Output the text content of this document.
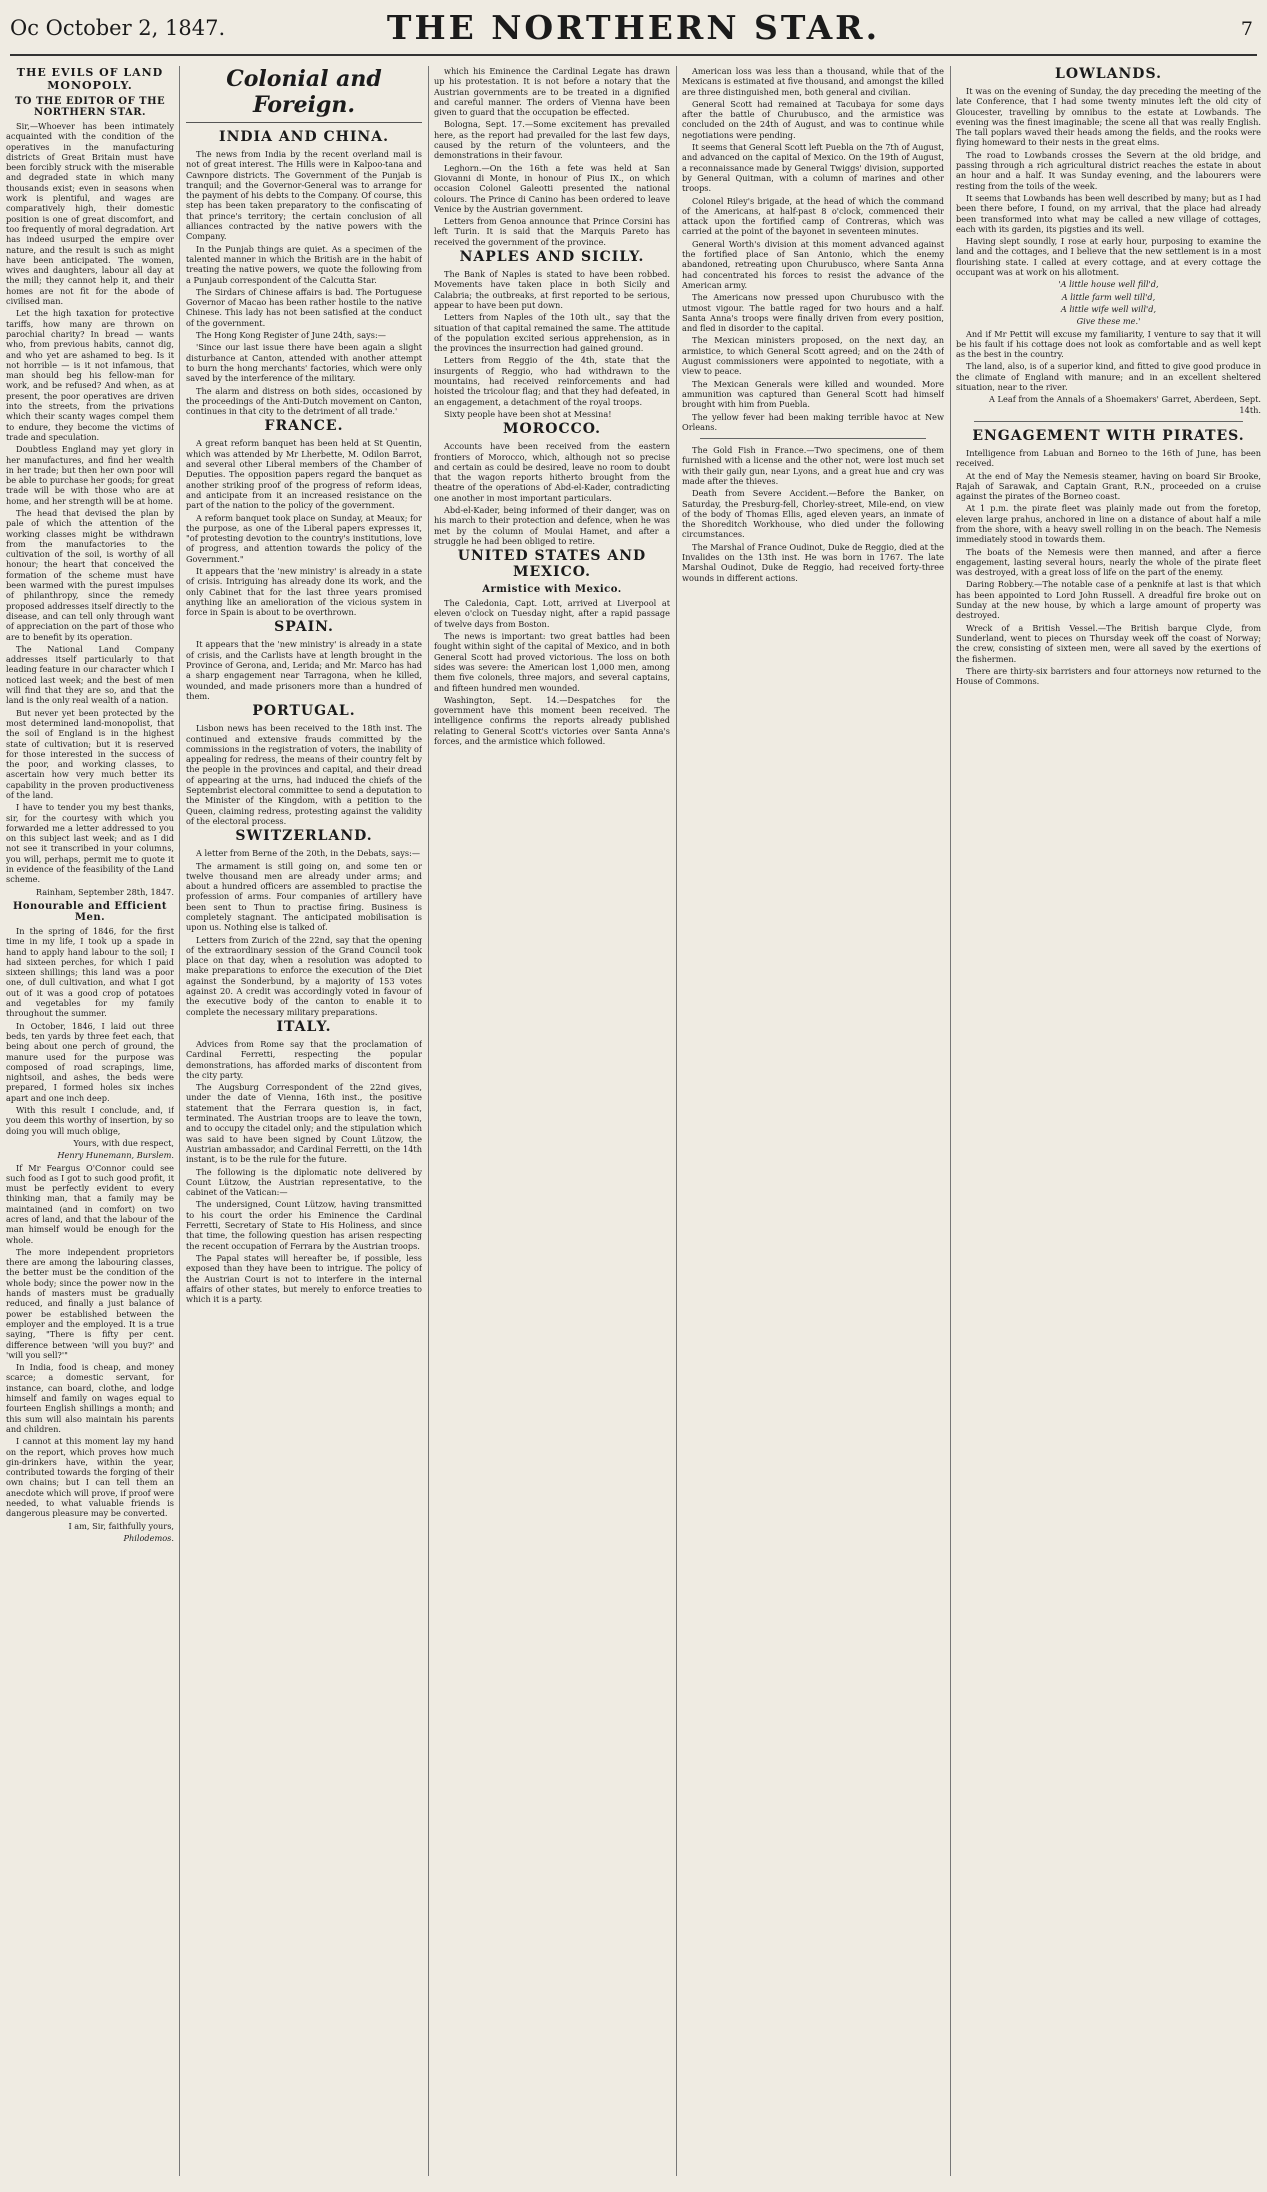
Oc October 2, 1847.	THE NORTHERN STAR.	7
THE EVILS OF LAND MONOPOLY.
TO THE EDITOR OF THE NORTHERN STAR.

Sir,—Whoever has been intimately acquainted with the condition of the operatives in the manufacturing districts of Great Britain must have been forcibly struck with the miserable and degraded state in which many thousands exist; even in seasons when work is plentiful, and wages are comparatively high, their domestic position is one of great discomfort, and too frequently of moral degradation. Art has indeed usurped the empire over nature, and the result is such as might have been anticipated. The women, wives and daughters, labour all day at the mill; they cannot help it, and their homes are not fit for the abode of civilised man.

Let the high taxation for protective tariffs, how many are thrown on parochial charity? In bread — wants who, from previous habits, cannot dig, and who yet are ashamed to beg. Is it not horrible — is it not infamous, that man should beg his fellow-man for work, and be refused? And when, as at present, the poor operatives are driven into the streets, from the privations which their scanty wages compel them to endure, they become the victims of trade and speculation.

Doubtless England may yet glory in her manufactures, and find her wealth in her trade; but then her own poor will be able to purchase her goods; for great trade will be with those who are at home, and her strength will be at home.

The head that devised the plan by pale of which the attention of the working classes might be withdrawn from the manufactories to the cultivation of the soil, is worthy of all honour; the heart that conceived the formation of the scheme must have been warmed with the purest impulses of philanthropy, since the remedy proposed addresses itself directly to the disease, and can tell only through want of appreciation on the part of those who are to benefit by its operation.

The National Land Company addresses itself particularly to that leading feature in our character which I noticed last week; and the best of men will find that they are so, and that the land is the only real wealth of a nation.

But never yet been protected by the most determined land-monopolist, that the soil of England is in the highest state of cultivation; but it is reserved for those interested in the success of the poor, and working classes, to ascertain how very much better its capability in the proven productiveness of the land.

I have to tender you my best thanks, sir, for the courtesy with which you forwarded me a letter addressed to you on this subject last week; and as I did not see it transcribed in your columns, you will, perhaps, permit me to quote it in evidence of the feasibility of the Land scheme.

Rainham, September 28th, 1847.

Honourable and Efficient Men.

In the spring of 1846, for the first time in my life, I took up a spade in hand to apply hand labour to the soil; I had sixteen perches, for which I paid sixteen shillings; this land was a poor one, of dull cultivation, and what I got out of it was a good crop of potatoes and vegetables for my family throughout the summer.

In October, 1846, I laid out three beds, ten yards by three feet each, that being about one perch of ground, the manure used for the purpose was composed of road scrapings, lime, nightsoil, and ashes, the beds were prepared, I formed holes six inches apart and one inch deep.

With this result I conclude, and, if you deem this worthy of insertion, by so doing you will much oblige,

Yours, with due respect,

Henry Hunemann, Burslem.

If Mr Feargus O'Connor could see such food as I got to such good profit, it must be perfectly evident to every thinking man, that a family may be maintained (and in comfort) on two acres of land, and that the labour of the man himself would be enough for the whole.

The more independent proprietors there are among the labouring classes, the better must be the condition of the whole body; since the power now in the hands of masters must be gradually reduced, and finally a just balance of power be established between the employer and the employed. It is a true saying, "There is fifty per cent. difference between 'will you buy?' and 'will you sell?'"

In India, food is cheap, and money scarce; a domestic servant, for instance, can board, clothe, and lodge himself and family on wages equal to fourteen English shillings a month; and this sum will also maintain his parents and children.

I cannot at this moment lay my hand on the report, which proves how much gin-drinkers have, within the year, contributed towards the forging of their own chains; but I can tell them an anecdote which will prove, if proof were needed, to what valuable friends is dangerous pleasure may be converted.

I am, Sir, faithfully yours,

Philodemos.

Colonial and Foreign.
INDIA AND CHINA.

The news from India by the recent overland mail is not of great interest. The Hills were in Kalpoo-tana and Cawnpore districts. The Government of the Punjab is tranquil; and the Governor-General was to arrange for the payment of his debts to the Company. Of course, this step has been taken preparatory to the confiscating of that prince's territory; the certain conclusion of all alliances contracted by the native powers with the Company.

In the Punjab things are quiet. As a specimen of the talented manner in which the British are in the habit of treating the native powers, we quote the following from a Punjaub correspondent of the Calcutta Star.

The Sirdars of Chinese affairs is bad. The Portuguese Governor of Macao has been rather hostile to the native Chinese. This lady has not been satisfied at the conduct of the government.

The Hong Kong Register of June 24th, says:—

'Since our last issue there have been again a slight disturbance at Canton, attended with another attempt to burn the hong merchants' factories, which were only saved by the interference of the military.

The alarm and distress on both sides, occasioned by the proceedings of the Anti-Dutch movement on Canton, continues in that city to the detriment of all trade.'

FRANCE.

A great reform banquet has been held at St Quentin, which was attended by Mr Lherbette, M. Odilon Barrot, and several other Liberal members of the Chamber of Deputies. The opposition papers regard the banquet as another striking proof of the progress of reform ideas, and anticipate from it an increased resistance on the part of the nation to the policy of the government.

A reform banquet took place on Sunday, at Meaux; for the purpose, as one of the Liberal papers expresses it, "of protesting devotion to the country's institutions, love of progress, and attention towards the policy of the Government."

It appears that the 'new ministry' is already in a state of crisis. Intriguing has already done its work, and the only Cabinet that for the last three years promised anything like an amelioration of the vicious system in force in Spain is about to be overthrown.

SPAIN.

It appears that the 'new ministry' is already in a state of crisis, and the Carlists have at length brought in the Province of Gerona, and, Lerida; and Mr. Marco has had a sharp engagement near Tarragona, when he killed, wounded, and made prisoners more than a hundred of them.

PORTUGAL.

Lisbon news has been received to the 18th inst. The continued and extensive frauds committed by the commissions in the registration of voters, the inability of appealing for redress, the means of their country felt by the people in the provinces and capital, and their dread of appearing at the urns, had induced the chiefs of the Septembrist electoral committee to send a deputation to the Minister of the Kingdom, with a petition to the Queen, claiming redress, protesting against the validity of the electoral process.

SWITZERLAND.

A letter from Berne of the 20th, in the Debats, says:—

The armament is still going on, and some ten or twelve thousand men are already under arms; and about a hundred officers are assembled to practise the profession of arms. Four companies of artillery have been sent to Thun to practise firing. Business is completely stagnant. The anticipated mobilisation is upon us. Nothing else is talked of.

Letters from Zurich of the 22nd, say that the opening of the extraordinary session of the Grand Council took place on that day, when a resolution was adopted to make preparations to enforce the execution of the Diet against the Sonderbund, by a majority of 153 votes against 20. A credit was accordingly voted in favour of the executive body of the canton to enable it to complete the necessary military preparations.

ITALY.

Advices from Rome say that the proclamation of Cardinal Ferretti, respecting the popular demonstrations, has afforded marks of discontent from the city party.

The Augsburg Correspondent of the 22nd gives, under the date of Vienna, 16th inst., the positive statement that the Ferrara question is, in fact, terminated. The Austrian troops are to leave the town, and to occupy the citadel only; and the stipulation which was said to have been signed by Count Lützow, the Austrian ambassador, and Cardinal Ferretti, on the 14th instant, is to be the rule for the future.

The following is the diplomatic note delivered by Count Lützow, the Austrian representative, to the cabinet of the Vatican:—

The undersigned, Count Lützow, having transmitted to his court the order his Eminence the Cardinal Ferretti, Secretary of State to His Holiness, and since that time, the following question has arisen respecting the recent occupation of Ferrara by the Austrian troops.

The Papal states will hereafter be, if possible, less exposed than they have been to intrigue. The policy of the Austrian Court is not to interfere in the internal affairs of other states, but merely to enforce treaties to which it is a party.

which his Eminence the Cardinal Legate has drawn up his protestation. It is not before a notary that the Austrian governments are to be treated in a dignified and careful manner. The orders of Vienna have been given to guard that the occupation be effected.

Bologna, Sept. 17.—Some excitement has prevailed here, as the report had prevailed for the last few days, caused by the return of the volunteers, and the demonstrations in their favour.

Leghorn.—On the 16th a fete was held at San Giovanni di Monte, in honour of Pius IX., on which occasion Colonel Galeotti presented the national colours. The Prince di Canino has been ordered to leave Venice by the Austrian government.

Letters from Genoa announce that Prince Corsini has left Turin. It is said that the Marquis Pareto has received the government of the province.

NAPLES AND SICILY.

The Bank of Naples is stated to have been robbed. Movements have taken place in both Sicily and Calabria; the outbreaks, at first reported to be serious, appear to have been put down.

Letters from Naples of the 10th ult., say that the situation of that capital remained the same. The attitude of the population excited serious apprehension, as in the provinces the insurrection had gained ground.

Letters from Reggio of the 4th, state that the insurgents of Reggio, who had withdrawn to the mountains, had received reinforcements and had hoisted the tricolour flag; and that they had defeated, in an engagement, a detachment of the royal troops.

Sixty people have been shot at Messina!

MOROCCO.

Accounts have been received from the eastern frontiers of Morocco, which, although not so precise and certain as could be desired, leave no room to doubt that the wagon reports hitherto brought from the theatre of the operations of Abd-el-Kader, contradicting one another in most important particulars.

Abd-el-Kader, being informed of their danger, was on his march to their protection and defence, when he was met by the column of Moulai Hamet, and after a struggle he had been obliged to retire.

UNITED STATES AND MEXICO.
Armistice with Mexico.

The Caledonia, Capt. Lott, arrived at Liverpool at eleven o'clock on Tuesday night, after a rapid passage of twelve days from Boston.

The news is important: two great battles had been fought within sight of the capital of Mexico, and in both General Scott had proved victorious. The loss on both sides was severe: the American lost 1,000 men, among them five colonels, three majors, and several captains, and fifteen hundred men wounded.

Washington, Sept. 14.—Despatches for the government have this moment been received. The intelligence confirms the reports already published relating to General Scott's victories over Santa Anna's forces, and the armistice which followed.

American loss was less than a thousand, while that of the Mexicans is estimated at five thousand, and amongst the killed are three distinguished men, both general and civilian.

General Scott had remained at Tacubaya for some days after the battle of Churubusco, and the armistice was concluded on the 24th of August, and was to continue while negotiations were pending.

It seems that General Scott left Puebla on the 7th of August, and advanced on the capital of Mexico. On the 19th of August, a reconnaissance made by General Twiggs' division, supported by General Quitman, with a column of marines and other troops.

Colonel Riley's brigade, at the head of which the command of the Americans, at half-past 8 o'clock, commenced their attack upon the fortified camp of Contreras, which was carried at the point of the bayonet in seventeen minutes.

General Worth's division at this moment advanced against the fortified place of San Antonio, which the enemy abandoned, retreating upon Churubusco, where Santa Anna had concentrated his forces to resist the advance of the American army.

The Americans now pressed upon Churubusco with the utmost vigour. The battle raged for two hours and a half. Santa Anna's troops were finally driven from every position, and fled in disorder to the capital.

The Mexican ministers proposed, on the next day, an armistice, to which General Scott agreed; and on the 24th of August commissioners were appointed to negotiate, with a view to peace.

The Mexican Generals were killed and wounded. More ammunition was captured than General Scott had himself brought with him from Puebla.

The yellow fever had been making terrible havoc at New Orleans.

The Gold Fish in France.—Two specimens, one of them furnished with a license and the other not, were lost much set with their gaily gun, near Lyons, and a great hue and cry was made after the thieves.

Death from Severe Accident.—Before the Banker, on Saturday, the Presburg-fell, Chorley-street, Mile-end, on view of the body of Thomas Ellis, aged eleven years, an inmate of the Shoreditch Workhouse, who died under the following circumstances.

The Marshal of France Oudinot, Duke de Reggio, died at the Invalides on the 13th inst. He was born in 1767. The late Marshal Oudinot, Duke de Reggio, had received forty-three wounds in different actions.

LOWLANDS.

It was on the evening of Sunday, the day preceding the meeting of the late Conference, that I had some twenty minutes left the old city of Gloucester, travelling by omnibus to the estate at Lowbands. The evening was the finest imaginable; the scene all that was really English. The tall poplars waved their heads among the fields, and the rooks were flying homeward to their nests in the great elms.

The road to Lowbands crosses the Severn at the old bridge, and passing through a rich agricultural district reaches the estate in about an hour and a half. It was Sunday evening, and the labourers were resting from the toils of the week.

It seems that Lowbands has been well described by many; but as I had been there before, I found, on my arrival, that the place had already been transformed into what may be called a new village of cottages, each with its garden, its pigsties and its well.

Having slept soundly, I rose at early hour, purposing to examine the land and the cottages, and I believe that the new settlement is in a most flourishing state. I called at every cottage, and at every cottage the occupant was at work on his allotment.

'A little house well fill'd,

A little farm well till'd,

A little wife well will'd,

Give these me.'

And if Mr Pettit will excuse my familiarity, I venture to say that it will be his fault if his cottage does not look as comfortable and as well kept as the best in the country.

The land, also, is of a superior kind, and fitted to give good produce in the climate of England with manure; and in an excellent sheltered situation, near to the river.

A Leaf from the Annals of a Shoemakers' Garret, Aberdeen, Sept. 14th.

ENGAGEMENT WITH PIRATES.

Intelligence from Labuan and Borneo to the 16th of June, has been received.

At the end of May the Nemesis steamer, having on board Sir Brooke, Rajah of Sarawak, and Captain Grant, R.N., proceeded on a cruise against the pirates of the Borneo coast.

At 1 p.m. the pirate fleet was plainly made out from the foretop, eleven large prahus, anchored in line on a distance of about half a mile from the shore, with a heavy swell rolling in on the beach. The Nemesis immediately stood in towards them.

The boats of the Nemesis were then manned, and after a fierce engagement, lasting several hours, nearly the whole of the pirate fleet was destroyed, with a great loss of life on the part of the enemy.

Daring Robbery.—The notable case of a penknife at last is that which has been appointed to Lord John Russell. A dreadful fire broke out on Sunday at the new house, by which a large amount of property was destroyed.

Wreck of a British Vessel.—The British barque Clyde, from Sunderland, went to pieces on Thursday week off the coast of Norway; the crew, consisting of sixteen men, were all saved by the exertions of the fishermen.

There are thirty-six barristers and four attorneys now returned to the House of Commons.
